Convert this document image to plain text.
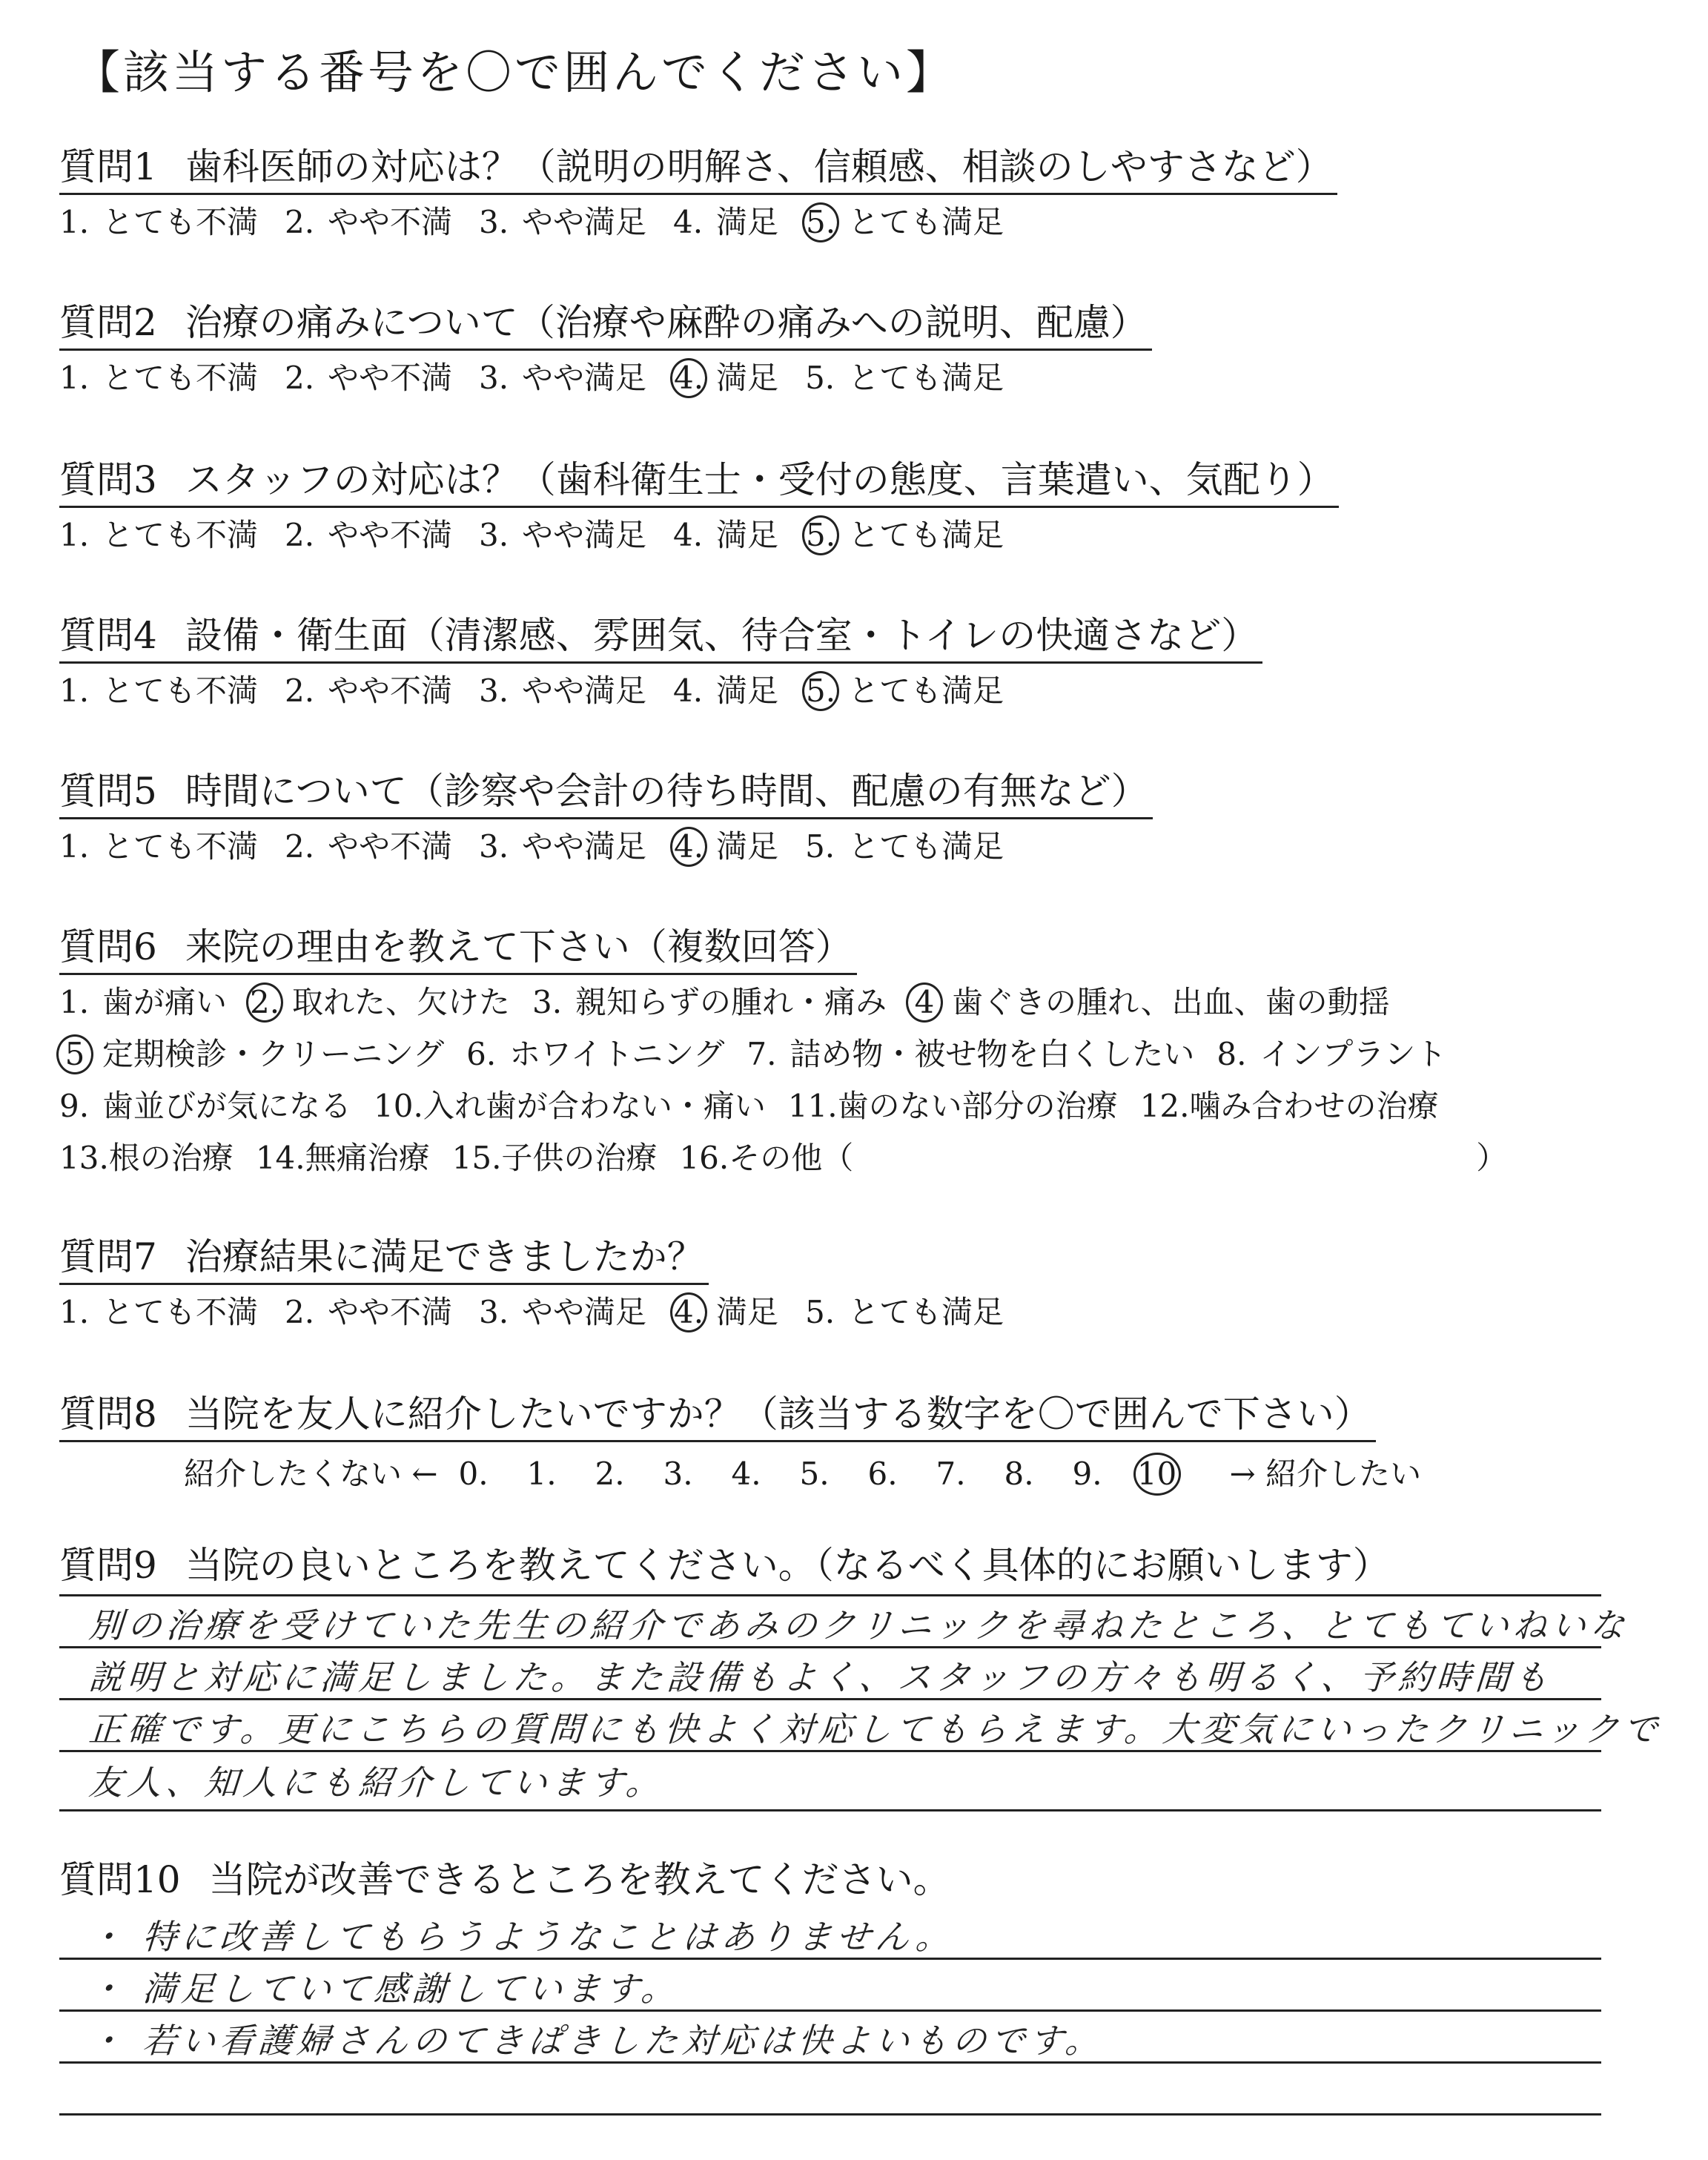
【該当する番号を〇で囲んでください】
質問1 歯科医師の対応は？（説明の明解さ、信頼感、相談のしやすさなど）
1. とても不満 2. やや不満 3. やや満足 4. 満足 5. とても満足
質問2 治療の痛みについて（治療や麻酔の痛みへの説明、配慮）
1. とても不満 2. やや不満 3. やや満足 4. 満足 5. とても満足
質問3 スタッフの対応は？（歯科衛生士・受付の態度、言葉遣い、気配り）
1. とても不満 2. やや不満 3. やや満足 4. 満足 5. とても満足
質問4 設備・衛生面（清潔感、雰囲気、待合室・トイレの快適さなど）
1. とても不満 2. やや不満 3. やや満足 4. 満足 5. とても満足
質問5 時間について（診察や会計の待ち時間、配慮の有無など）
1. とても不満 2. やや不満 3. やや満足 4. 満足 5. とても満足
質問6 来院の理由を教えて下さい（複数回答）
1. 歯が痛い 2. 取れた、欠けた 3. 親知らずの腫れ・痛み 4 歯ぐきの腫れ、出血、歯の動揺
5 定期検診・クリーニング 6. ホワイトニング 7. 詰め物・被せ物を白くしたい 8. インプラント
9. 歯並びが気になる 10.入れ歯が合わない・痛い 11.歯のない部分の治療 12.噛み合わせの治療
13.根の治療 14.無痛治療 15.子供の治療 16.その他（　　　　　　　　　　　　　　　　　　　　）
質問7 治療結果に満足できましたか？
1. とても不満 2. やや不満 3. やや満足 4. 満足 5. とても満足
質問8 当院を友人に紹介したいですか？（該当する数字を〇で囲んで下さい）
紹介したくない ← 0. 1. 2. 3. 4. 5. 6. 7. 8. 9. 10 → 紹介したい
質問9 当院の良いところを教えてください。（なるべく具体的にお願いします）
別の治療を受けていた先生の紹介であみのクリニックを尋ねたところ、とてもていねいな
説明と対応に満足しました。また設備もよく、スタッフの方々も明るく、予約時間も
正確です。更にこちらの質問にも快よく対応してもらえます。大変気にいったクリニックで
友人、知人にも紹介しています。
質問10 当院が改善できるところを教えてください。
・ 特に改善してもらうようなことはありません。
・ 満足していて感謝しています。
・ 若い看護婦さんのてきぱきした対応は快よいものです。
